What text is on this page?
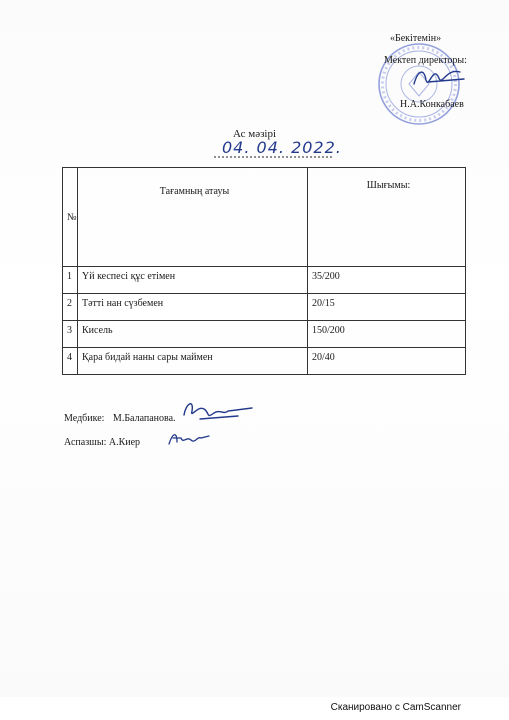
«Бекітемін»
Мектеп директоры:
Н.А.Конкабаев
Ас мәзірі
04. 04. 2022.
№	Тағамның атауы	Шығымы:
1	Үй кеспесі құс етімен	35/200
2	Тәтті нан сүзбемен	20/15
3	Кисель	150/200
4	Қара бидай наны сары маймен	20/40
Медбике: М.Балапанова.
Аспазшы: А.Киер
Сканировано с CamScanner
